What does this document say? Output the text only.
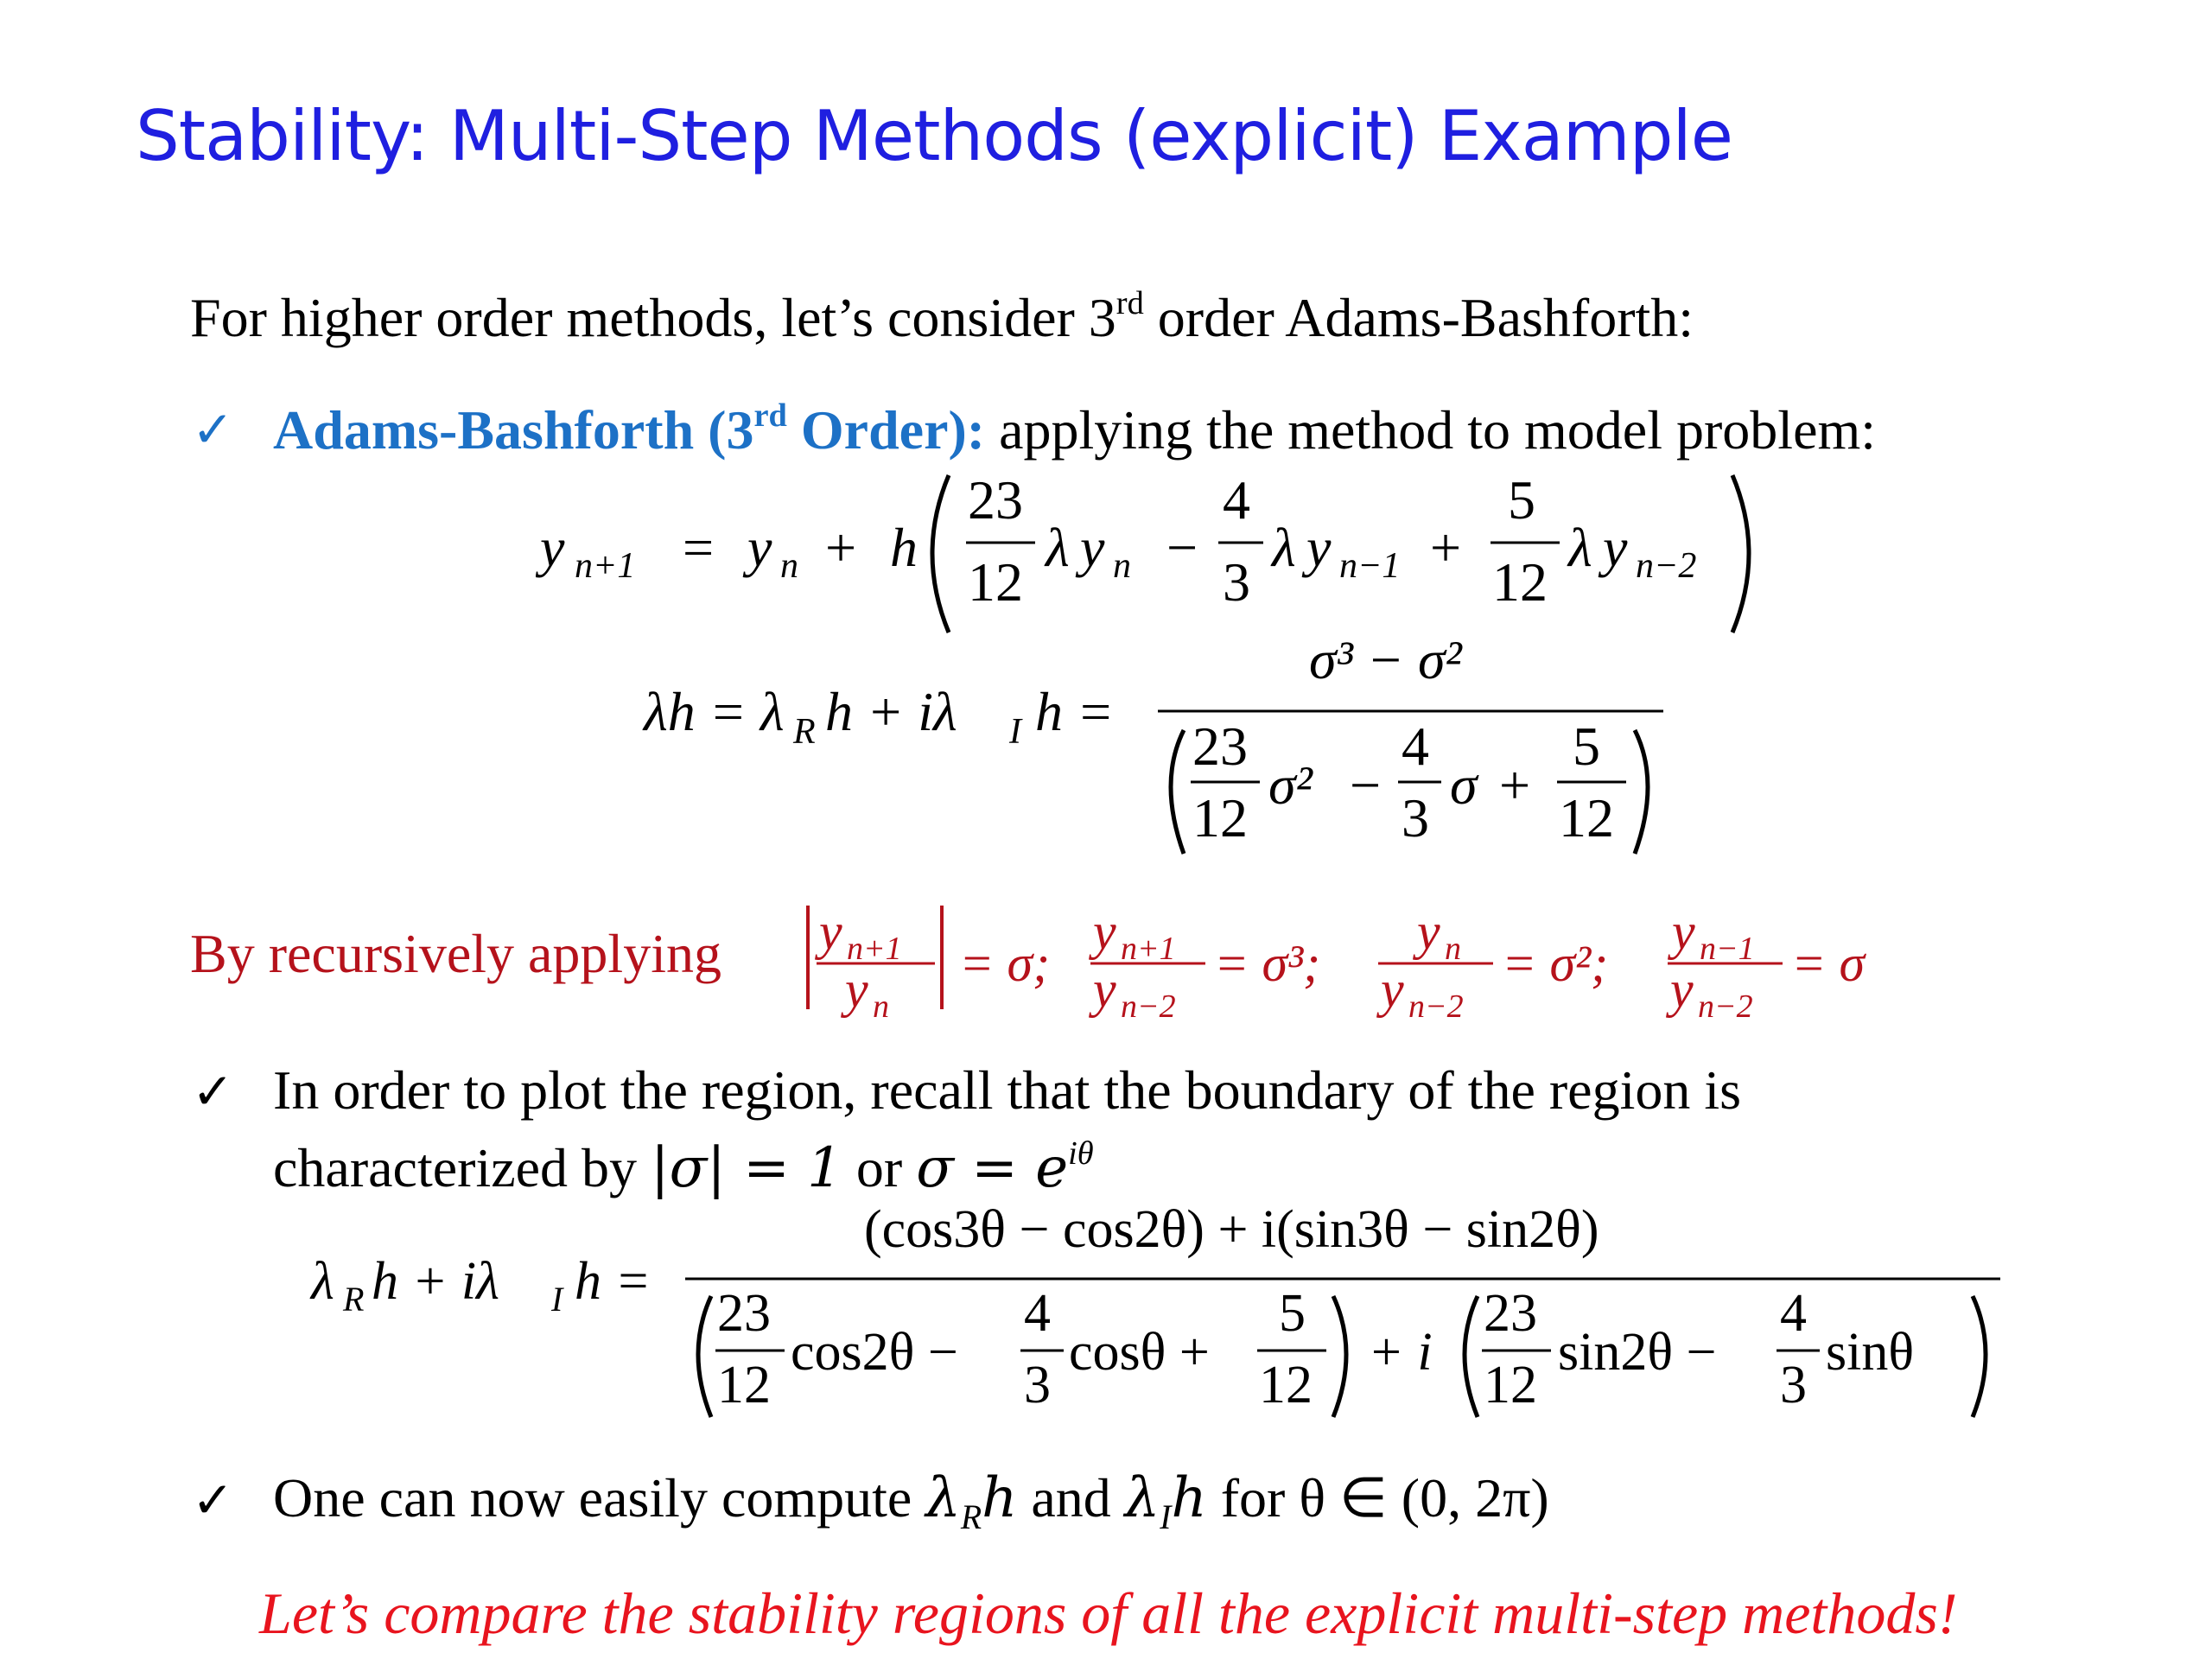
Stability: Multi-Step Methods (explicit) Example
For higher order methods, let’s consider 3rd order Adams-Bashforth:
✓ Adams-Bashforth (3rd Order): applying the method to model problem:
y n+1 = y n + h
23
12
λ y n −
4
3
λ y n−1 +
5
12
λ y n−2
λh = λ R h + iλ I h =
σ³ − σ²
23
12
σ² −
4
3
σ +
5
12
By recursively applying y n+1
y n
= σ;
y n+1
y n−2
= σ³;
y n
y n−2
= σ²;
y n−1
y n−2
= σ
✓ In order to plot the region, recall that the boundary of the region is
characterized by |σ| = 1 or $\sigma = e^{i\theta}$
λ R h + iλ I h =
(cos3θ − cos2θ) + i(sin3θ − sin2θ)
23
12
cos2θ −
4
3
cosθ +
5
12
+ i
23
12
sin2θ −
4
3
sinθ
✓ One can now easily compute $\lambda_Rh$ and $\lambda_Ih$ for θ ∈ (0, 2π)
Let’s compare the stability regions of all the explicit multi-step methods!
